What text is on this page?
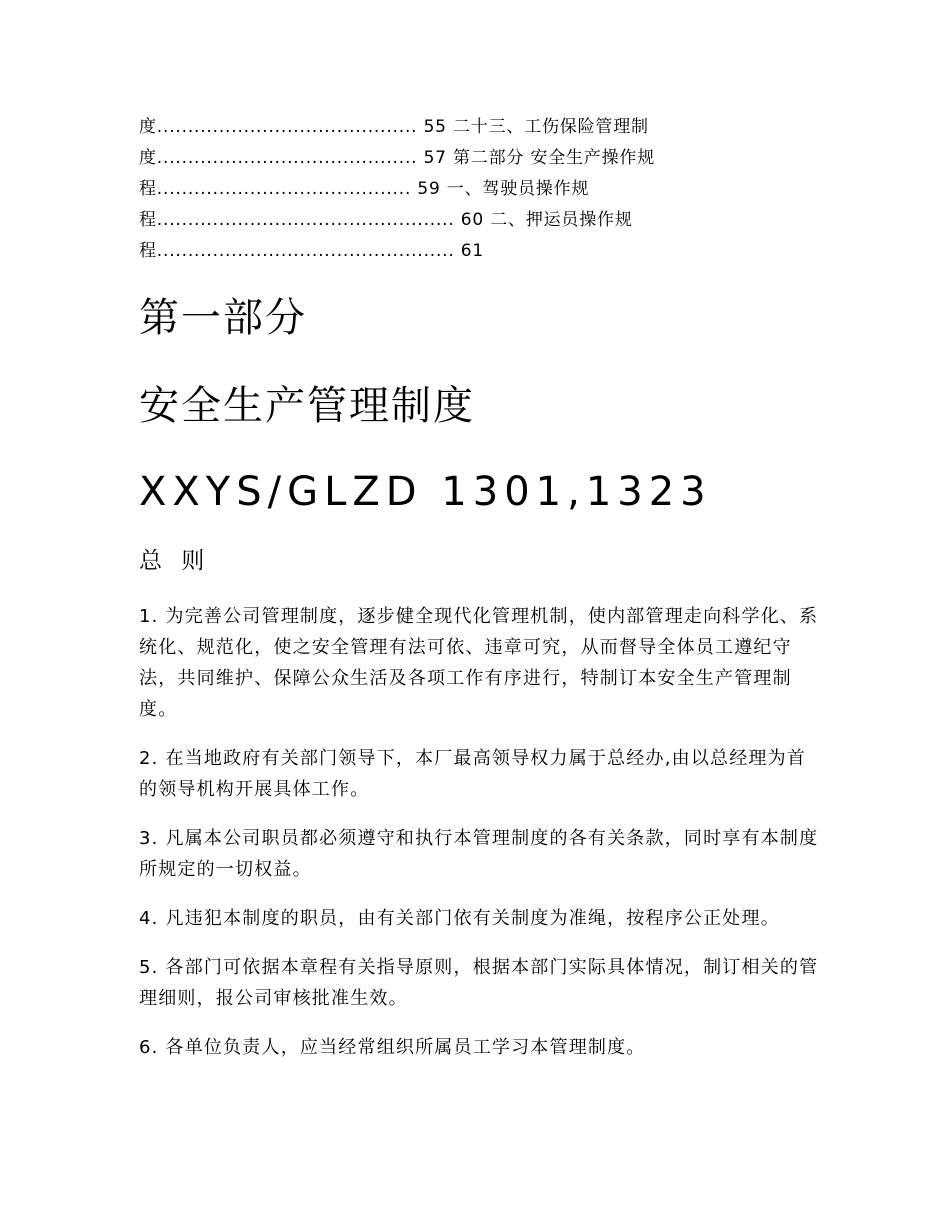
度.......................................... 55 二十三、工伤保险管理制
度.......................................... 57 第二部分 安全生产操作规
程......................................... 59 一、驾驶员操作规
程................................................ 60 二、押运员操作规
程................................................ 61
第一部分
安全生产管理制度
XXYS/GLZD 1301,1323
总 则

1. 为完善公司管理制度，逐步健全现代化管理机制，使内部管理走向科学化、系统化、规范化，使之安全管理有法可依、违章可究，从而督导全体员工遵纪守法，共同维护、保障公众生活及各项工作有序进行，特制订本安全生产管理制度。

2. 在当地政府有关部门领导下，本厂最高领导权力属于总经办,由以总经理为首的领导机构开展具体工作。

3. 凡属本公司职员都必须遵守和执行本管理制度的各有关条款，同时享有本制度所规定的一切权益。

4. 凡违犯本制度的职员，由有关部门依有关制度为准绳，按程序公正处理。

5. 各部门可依据本章程有关指导原则，根据本部门实际具体情况，制订相关的管理细则，报公司审核批准生效。

6. 各单位负责人，应当经常组织所属员工学习本管理制度。
